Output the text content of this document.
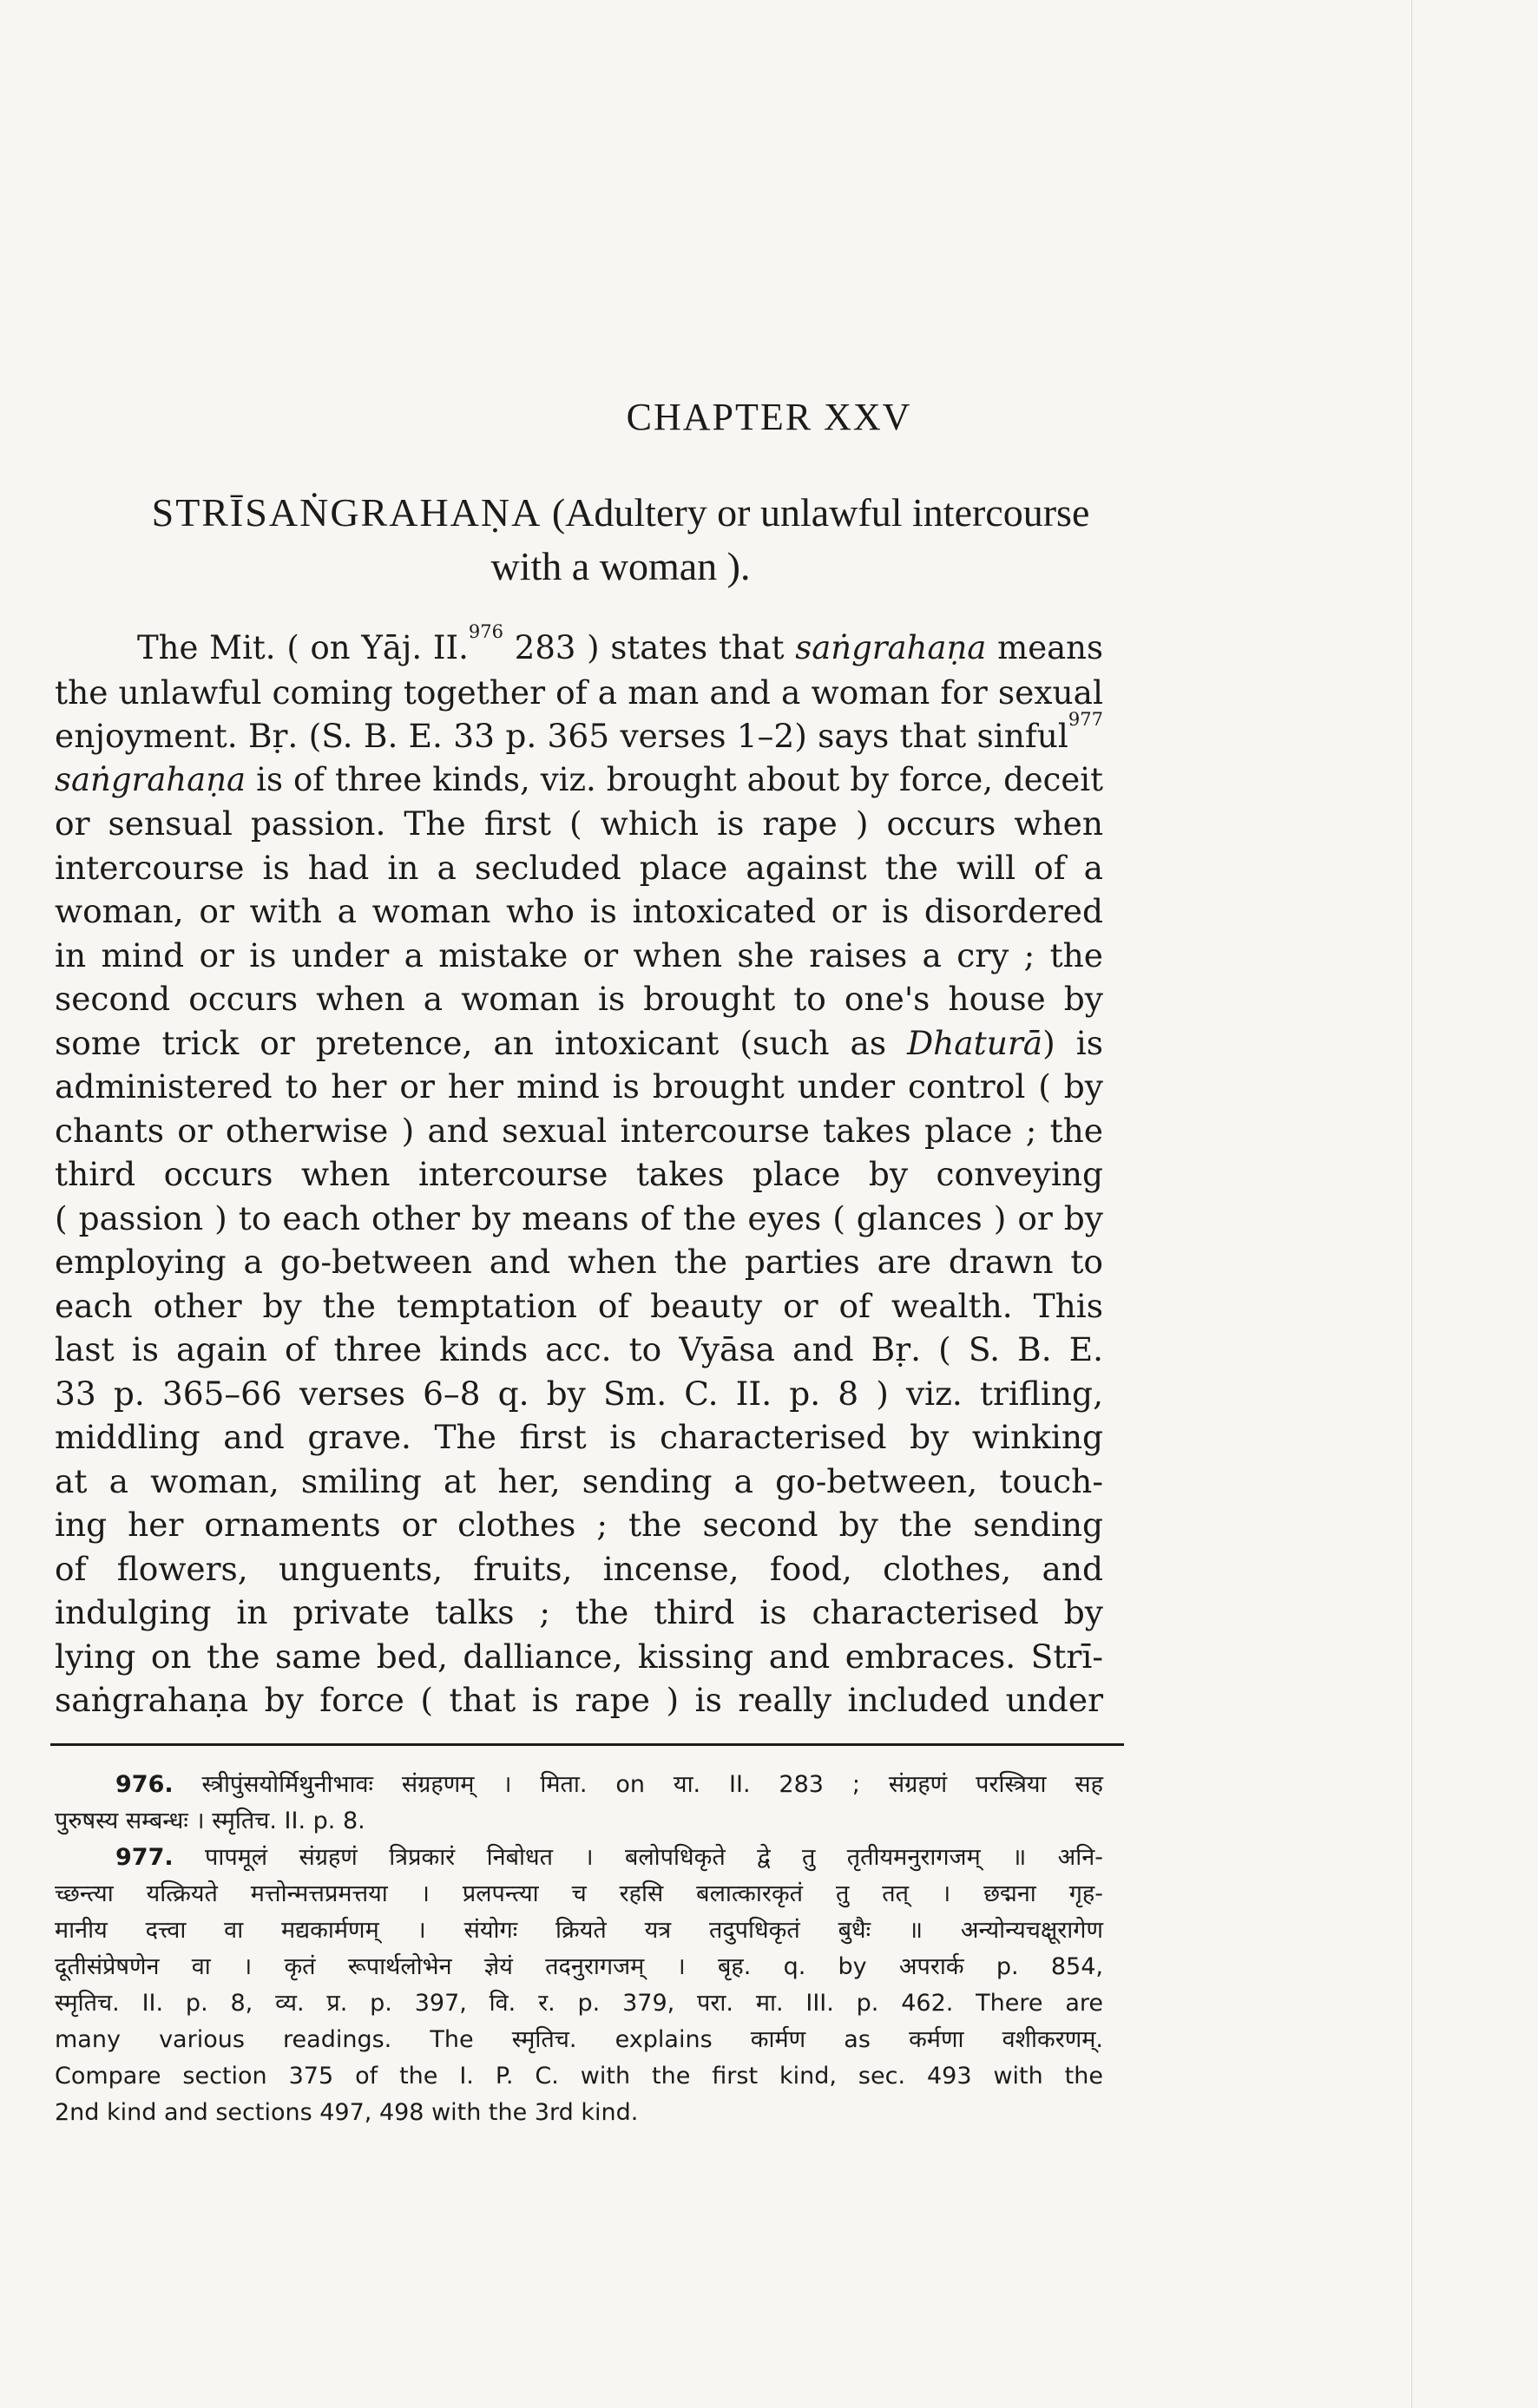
CHAPTER XXV
STRĪSAṄGRAHAṆA (Adultery or unlawful intercourse
with a woman ).
The Mit. ( on Yāj. II.$^{976}$ 283 ) states that saṅgrahaṇa means
the unlawful coming together of a man and a woman for sexual
enjoyment. Bṛ. (S. B. E. 33 p. 365 verses 1–2) says that sinful$^{977}$
saṅgrahaṇa is of three kinds, viz. brought about by force, deceit
or sensual passion. The first ( which is rape ) occurs when
intercourse is had in a secluded place against the will of a
woman, or with a woman who is intoxicated or is disordered
in mind or is under a mistake or when she raises a cry ; the
second occurs when a woman is brought to one's house by
some trick or pretence, an intoxicant (such as Dhaturā) is
administered to her or her mind is brought under control ( by
chants or otherwise ) and sexual intercourse takes place ; the
third occurs when intercourse takes place by conveying
( passion ) to each other by means of the eyes ( glances ) or by
employing a go-between and when the parties are drawn to
each other by the temptation of beauty or of wealth. This
last is again of three kinds acc. to Vyāsa and Bṛ. ( S. B. E.
33 p. 365–66 verses 6–8 q. by Sm. C. II. p. 8 ) viz. trifling,
middling and grave. The first is characterised by winking
at a woman, smiling at her, sending a go-between, touch-
ing her ornaments or clothes ; the second by the sending
of flowers, unguents, fruits, incense, food, clothes, and
indulging in private talks ; the third is characterised by
lying on the same bed, dalliance, kissing and embraces. Strī-
saṅgrahaṇa by force ( that is rape ) is really included under
976. स्त्रीपुंसयोर्मिथुनीभावः संग्रहणम् । मिता. on या. II. 283 ; संग्रहणं परस्त्रिया सह
पुरुषस्य सम्बन्धः । स्मृतिच. II. p. 8.
977. पापमूलं संग्रहणं त्रिप्रकारं निबोधत । बलोपधिकृते द्वे तु तृतीयमनुरागजम् ॥ अनि-
च्छन्त्या यत्क्रियते मत्तोन्मत्तप्रमत्तया । प्रलपन्त्या च रहसि बलात्कारकृतं तु तत् । छद्मना गृह-
मानीय दत्त्वा वा मद्यकार्मणम् । संयोगः क्रियते यत्र तदुपधिकृतं बुधैः ॥ अन्योन्यचक्षूरागेण
दूतीसंप्रेषणेन वा । कृतं रूपार्थलोभेन ज्ञेयं तदनुरागजम् । बृह. q. by अपरार्क p. 854,
स्मृतिच. II. p. 8, व्य. प्र. p. 397, वि. र. p. 379, परा. मा. III. p. 462. There are
many various readings. The स्मृतिच. explains कार्मण as कर्मणा वशीकरणम्.
Compare section 375 of the I. P. C. with the first kind, sec. 493 with the
2nd kind and sections 497, 498 with the 3rd kind.
